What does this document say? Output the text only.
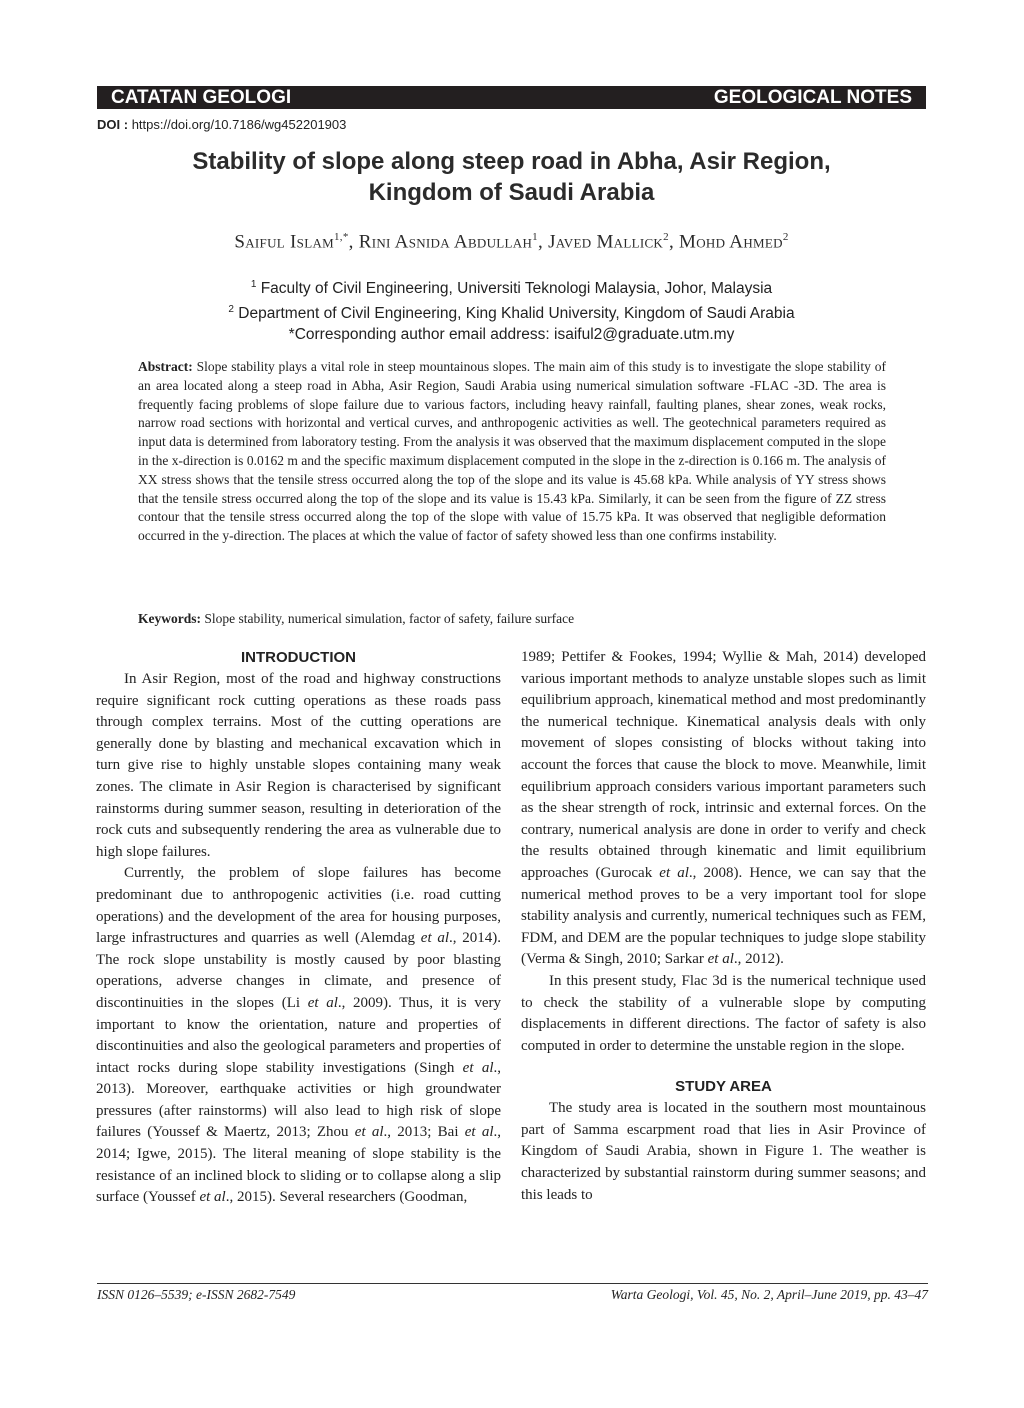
CATATAN GEOLOGI	GEOLOGICAL NOTES
DOI : https://doi.org/10.7186/wg452201903
Stability of slope along steep road in Abha, Asir Region,
Kingdom of Saudi Arabia
Saiful Islam$^{1,*}$, Rini Asnida Abdullah$^1$, Javed Mallick$^2$, Mohd Ahmed$^2$
$^1$ Faculty of Civil Engineering, Universiti Teknologi Malaysia, Johor, Malaysia
$^2$ Department of Civil Engineering, King Khalid University, Kingdom of Saudi Arabia
*Corresponding author email address: isaiful2@graduate.utm.my

Abstract: Slope stability plays a vital role in steep mountainous slopes. The main aim of this study is to investigate the slope stability of an area located along a steep road in Abha, Asir Region, Saudi Arabia using numerical simulation software -FLAC -3D. The area is frequently facing problems of slope failure due to various factors, including heavy rainfall, faulting planes, shear zones, weak rocks, narrow road sections with horizontal and vertical curves, and anthropogenic activities as well. The geotechnical parameters required as input data is determined from laboratory testing. From the analysis it was observed that the maximum displacement computed in the slope in the x-direction is 0.0162 m and the specific maximum displacement computed in the slope in the z-direction is 0.166 m. The analysis of XX stress shows that the tensile stress occurred along the top of the slope and its value is 45.68 kPa. While analysis of YY stress shows that the tensile stress occurred along the top of the slope and its value is 15.43 kPa. Similarly, it can be seen from the figure of ZZ stress contour that the tensile stress occurred along the top of the slope with value of 15.75 kPa. It was observed that negligible deformation occurred in the y-direction. The places at which the value of factor of safety showed less than one confirms instability.

Keywords: Slope stability, numerical simulation, factor of safety, failure surface
INTRODUCTION

In Asir Region, most of the road and highway constructions require significant rock cutting operations as these roads pass through complex terrains. Most of the cutting operations are generally done by blasting and mechanical excavation which in turn give rise to highly unstable slopes containing many weak zones. The climate in Asir Region is characterised by significant rainstorms during summer season, resulting in deterioration of the rock cuts and subsequently rendering the area as vulnerable due to high slope failures.

Currently, the problem of slope failures has become predominant due to anthropogenic activities (i.e. road cutting operations) and the development of the area for housing purposes, large infrastructures and quarries as well (Alemdag et al., 2014). The rock slope unstability is mostly caused by poor blasting operations, adverse changes in climate, and presence of discontinuities in the slopes (Li et al., 2009). Thus, it is very important to know the orientation, nature and properties of discontinuities and also the geological parameters and properties of intact rocks during slope stability investigations (Singh et al., 2013). Moreover, earthquake activities or high groundwater pressures (after rainstorms) will also lead to high risk of slope failures (Youssef & Maertz, 2013; Zhou et al., 2013; Bai et al., 2014; Igwe, 2015). The literal meaning of slope stability is the resistance of an inclined block to sliding or to collapse along a slip surface (Youssef et al., 2015). Several researchers (Goodman,

1989; Pettifer & Fookes, 1994; Wyllie & Mah, 2014) developed various important methods to analyze unstable slopes such as limit equilibrium approach, kinematical method and most predominantly the numerical technique. Kinematical analysis deals with only movement of slopes consisting of blocks without taking into account the forces that cause the block to move. Meanwhile, limit equilibrium approach considers various important parameters such as the shear strength of rock, intrinsic and external forces. On the contrary, numerical analysis are done in order to verify and check the results obtained through kinematic and limit equilibrium approaches (Gurocak et al., 2008). Hence, we can say that the numerical method proves to be a very important tool for slope stability analysis and currently, numerical techniques such as FEM, FDM, and DEM are the popular techniques to judge slope stability (Verma & Singh, 2010; Sarkar et al., 2012).

In this present study, Flac 3d is the numerical technique used to check the stability of a vulnerable slope by computing displacements in different directions. The factor of safety is also computed in order to determine the unstable region in the slope.

STUDY AREA

The study area is located in the southern most mountainous part of Samma escarpment road that lies in Asir Province of Kingdom of Saudi Arabia, shown in Figure 1. The weather is characterized by substantial rainstorm during summer seasons; and this leads to

ISSN 0126–5539; e-ISSN 2682-7549	Warta Geologi, Vol. 45, No. 2, April–June 2019, pp. 43–47
